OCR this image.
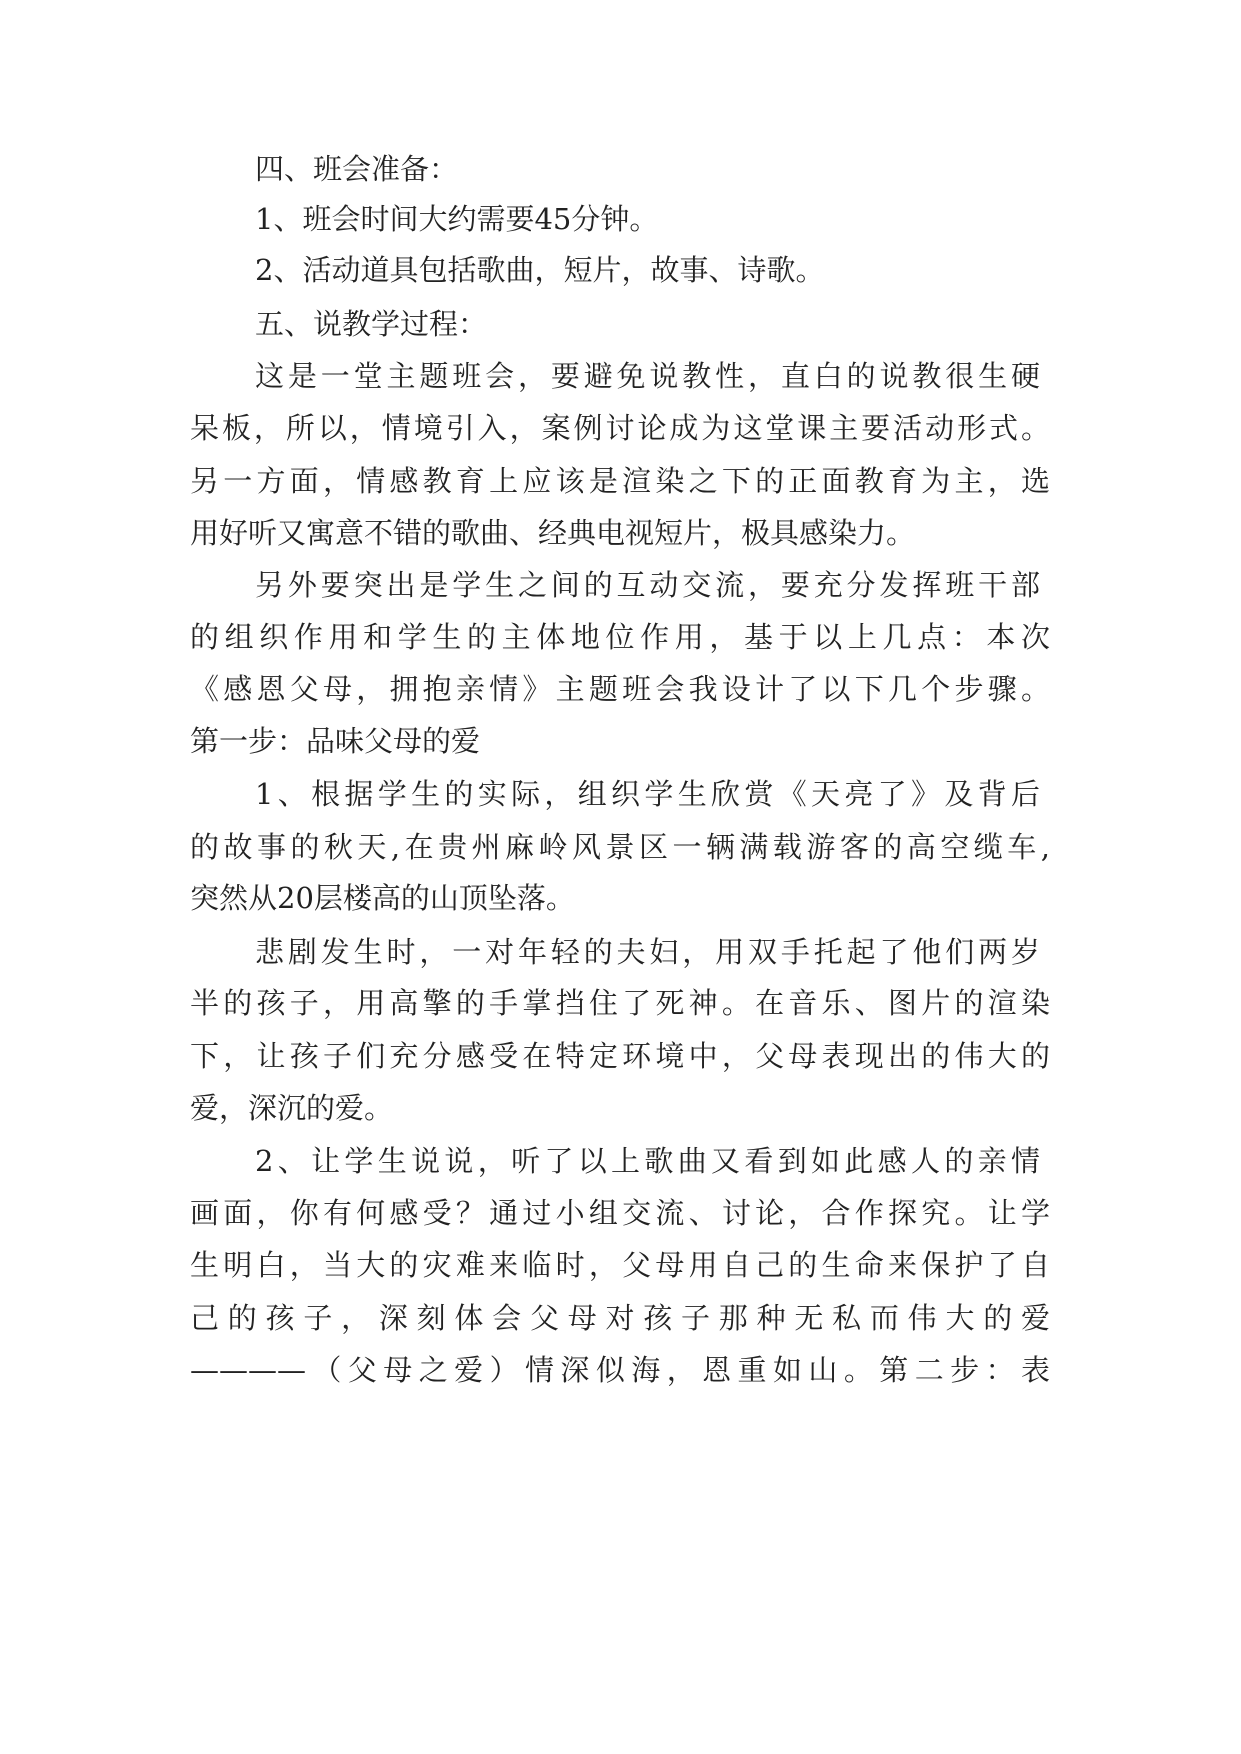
四、班会准备：
1、班会时间大约需要45分钟。
2、活动道具包括歌曲，短片，故事、诗歌。
五、说教学过程：
这是一堂主题班会，要避免说教性，直白的说教很生硬
呆板，所以，情境引入，案例讨论成为这堂课主要活动形式。
另一方面，情感教育上应该是渲染之下的正面教育为主，选
用好听又寓意不错的歌曲、经典电视短片，极具感染力。
另外要突出是学生之间的互动交流，要充分发挥班干部
的组织作用和学生的主体地位作用，基于以上几点：本次
《感恩父母，拥抱亲情》主题班会我设计了以下几个步骤。
第一步：品味父母的爱
1、根据学生的实际，组织学生欣赏《天亮了》及背后
的故事的秋天,在贵州麻岭风景区一辆满载游客的高空缆车,
突然从20层楼高的山顶坠落。
悲剧发生时，一对年轻的夫妇，用双手托起了他们两岁
半的孩子，用高擎的手掌挡住了死神。在音乐、图片的渲染
下，让孩子们充分感受在特定环境中，父母表现出的伟大的
爱，深沉的爱。
2、让学生说说，听了以上歌曲又看到如此感人的亲情
画面，你有何感受？通过小组交流、讨论，合作探究。让学
生明白，当大的灾难来临时，父母用自己的生命来保护了自
己的孩子，深刻体会父母对孩子那种无私而伟大的爱
————（父母之爱）情深似海，恩重如山。第二步：表
